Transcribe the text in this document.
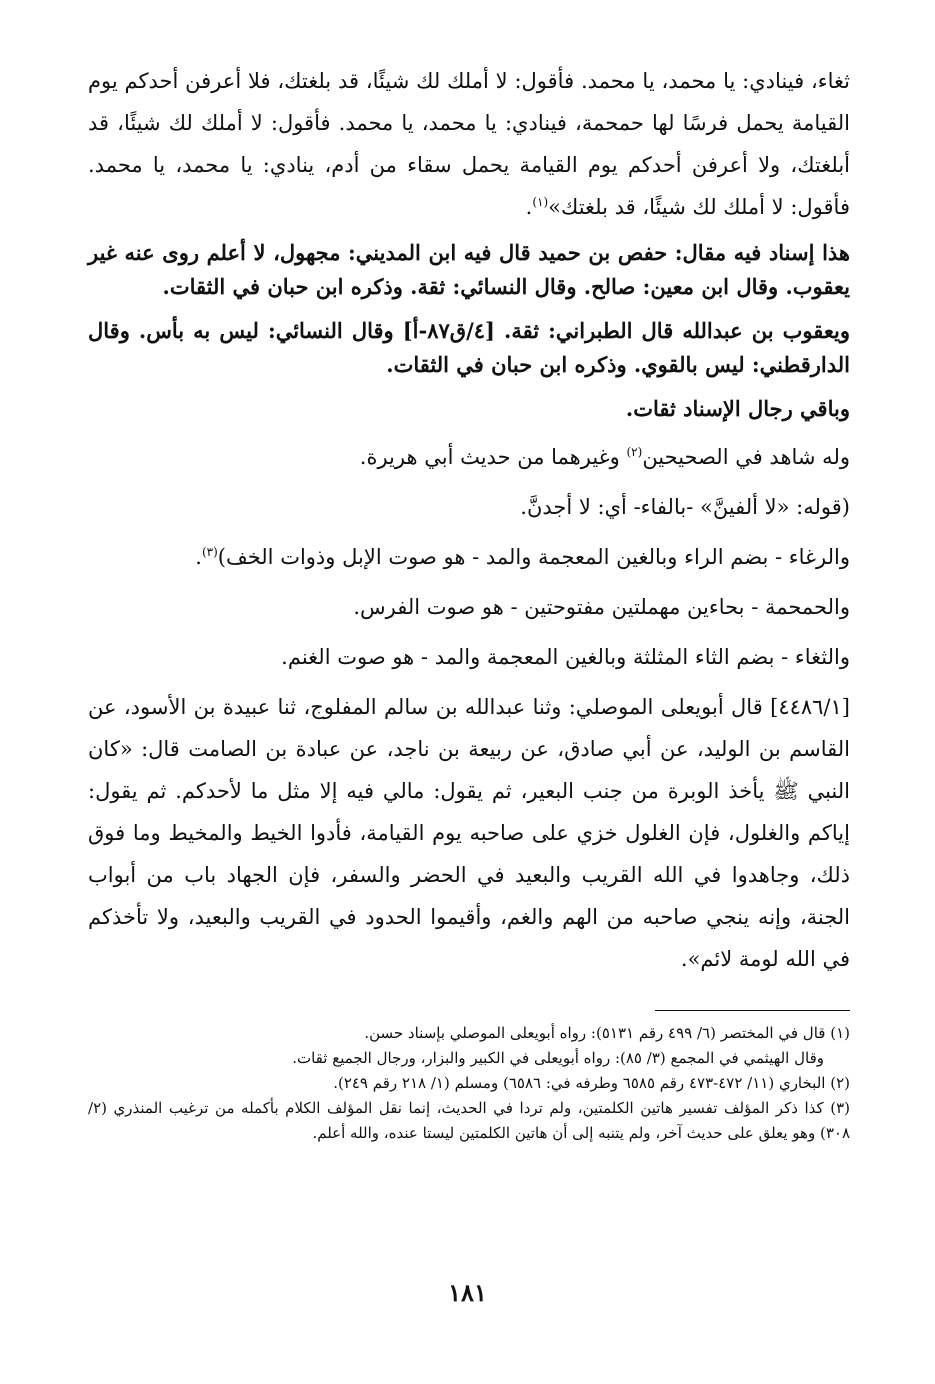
ثغاء، فينادي: يا محمد، يا محمد. فأقول: لا أملك لك شيئًا، قد بلغتك، فلا أعرفن أحدكم يوم القيامة يحمل فرسًا لها حمحمة، فينادي: يا محمد، يا محمد. فأقول: لا أملك لك شيئًا، قد أبلغتك، ولا أعرفن أحدكم يوم القيامة يحمل سقاء من أدم، ينادي: يا محمد، يا محمد. فأقول: لا أملك لك شيئًا، قد بلغتك»$^{(١)}$.

هذا إسناد فيه مقال: حفص بن حميد قال فيه ابن المديني: مجهول، لا أعلم روى عنه غير يعقوب. وقال ابن معين: صالح. وقال النسائي: ثقة. وذكره ابن حبان في الثقات.

ويعقوب بن عبدالله قال الطبراني: ثقة. [٤/ق٨٧-أ] وقال النسائي: ليس به بأس. وقال الدارقطني: ليس بالقوي. وذكره ابن حبان في الثقات.

وباقي رجال الإسناد ثقات.

وله شاهد في الصحيحين$^{(٢)}$ وغيرهما من حديث أبي هريرة.

(قوله: «لا ألفينَّ» -بالفاء- أي: لا أجدنَّ.

والرغاء - بضم الراء وبالغين المعجمة والمد - هو صوت الإبل وذوات الخف)$^{(٣)}$.

والحمحمة - بحاءين مهملتين مفتوحتين - هو صوت الفرس.

والثغاء - بضم الثاء المثلثة وبالغين المعجمة والمد - هو صوت الغنم.

[٤٤٨٦/١] قال أبويعلى الموصلي: وثنا عبدالله بن سالم المفلوج، ثنا عبيدة بن الأسود، عن القاسم بن الوليد، عن أبي صادق، عن ربيعة بن ناجد، عن عبادة بن الصامت قال: «كان النبي ﷺ يأخذ الوبرة من جنب البعير، ثم يقول: مالي فيه إلا مثل ما لأحدكم. ثم يقول: إياكم والغلول، فإن الغلول خزي على صاحبه يوم القيامة، فأدوا الخيط والمخيط وما فوق ذلك، وجاهدوا في الله القريب والبعيد في الحضر والسفر، فإن الجهاد باب من أبواب الجنة، وإنه ينجي صاحبه من الهم والغم، وأقيموا الحدود في القريب والبعيد، ولا تأخذكم في الله لومة لائم».

(١) قال في المختصر (٦/ ٤٩٩ رقم ٥١٣١): رواه أبويعلى الموصلي بإسناد حسن.

وقال الهيثمي في المجمع (٣/ ٨٥): رواه أبويعلى في الكبير والبزار، ورجال الجميع ثقات.

(٢) البخاري (١١/ ٤٧٢-٤٧٣ رقم ٦٥٨٥ وطرفه في: ٦٥٨٦) ومسلم (١/ ٢١٨ رقم ٢٤٩).

(٣) كذا ذكر المؤلف تفسير هاتين الكلمتين، ولم تردا في الحديث، إنما نقل المؤلف الكلام بأكمله من ترغيب المنذري (٢/ ٣٠٨) وهو يعلق على حديث آخر، ولم يتنبه إلى أن هاتين الكلمتين ليستا عنده، والله أعلم.

١٨١
